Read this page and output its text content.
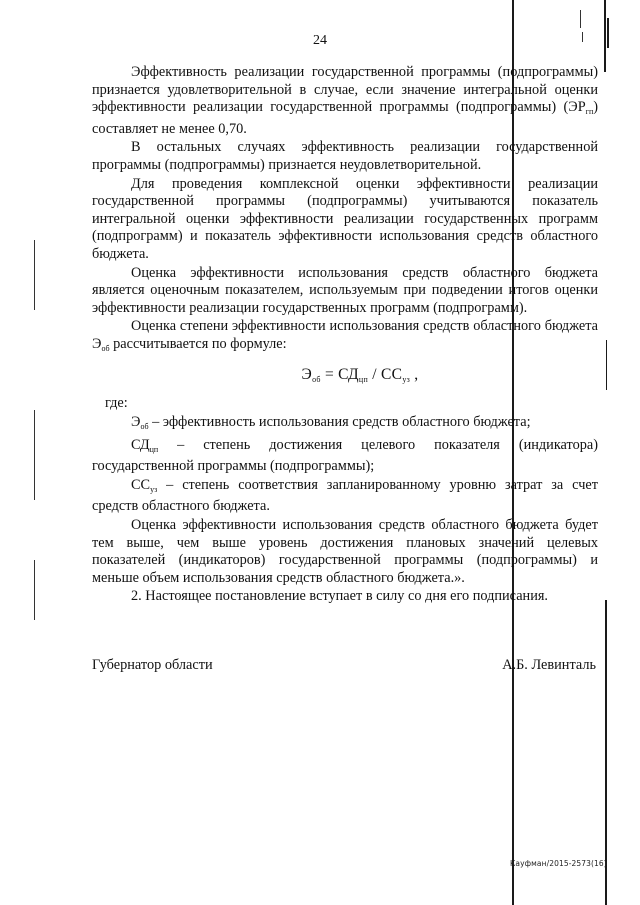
24

Эффективность реализации государственной программы (подпрограммы) признается удовлетворительной в случае, если значение интегральной оценки эффективности реализации государственной программы (подпрограммы) $(ЭР_{гп})$ составляет не менее 0,70.

В остальных случаях эффективность реализации государственной программы (подпрограммы) признается неудовлетворительной.

Для проведения комплексной оценки эффективности реализации государственной программы (подпрограммы) учитываются показатель интегральной оценки эффективности реализации государственных программ (подпрограмм) и показатель эффективности использования средств областного бюджета.

Оценка эффективности использования средств областного бюджета является оценочным показателем, используемым при подведении итогов оценки эффективности реализации государственных программ (подпрограмм).

Оценка степени эффективности использования средств областного бюджета $Э_{об}$ рассчитывается по формуле:

$Э_{об} = СД_{цп} / СС_{уз}$ ,

где:

$Э_{об}$ – эффективность использования средств областного бюджета;

$СД_{цп}$ – степень достижения целевого показателя (индикатора) государственной программы (подпрограммы);

$СС_{уз}$ – степень соответствия запланированному уровню затрат за счет средств областного бюджета.

Оценка эффективности использования средств областного бюджета будет тем выше, чем выше уровень достижения плановых значений целевых показателей (индикаторов) государственной программы (подпрограммы) и меньше объем использования средств областного бюджета.».

2. Настоящее постановление вступает в силу со дня его подписания.

Губернатор области	А.Б. Левинталь
Кауфман/2015-2573(16)
